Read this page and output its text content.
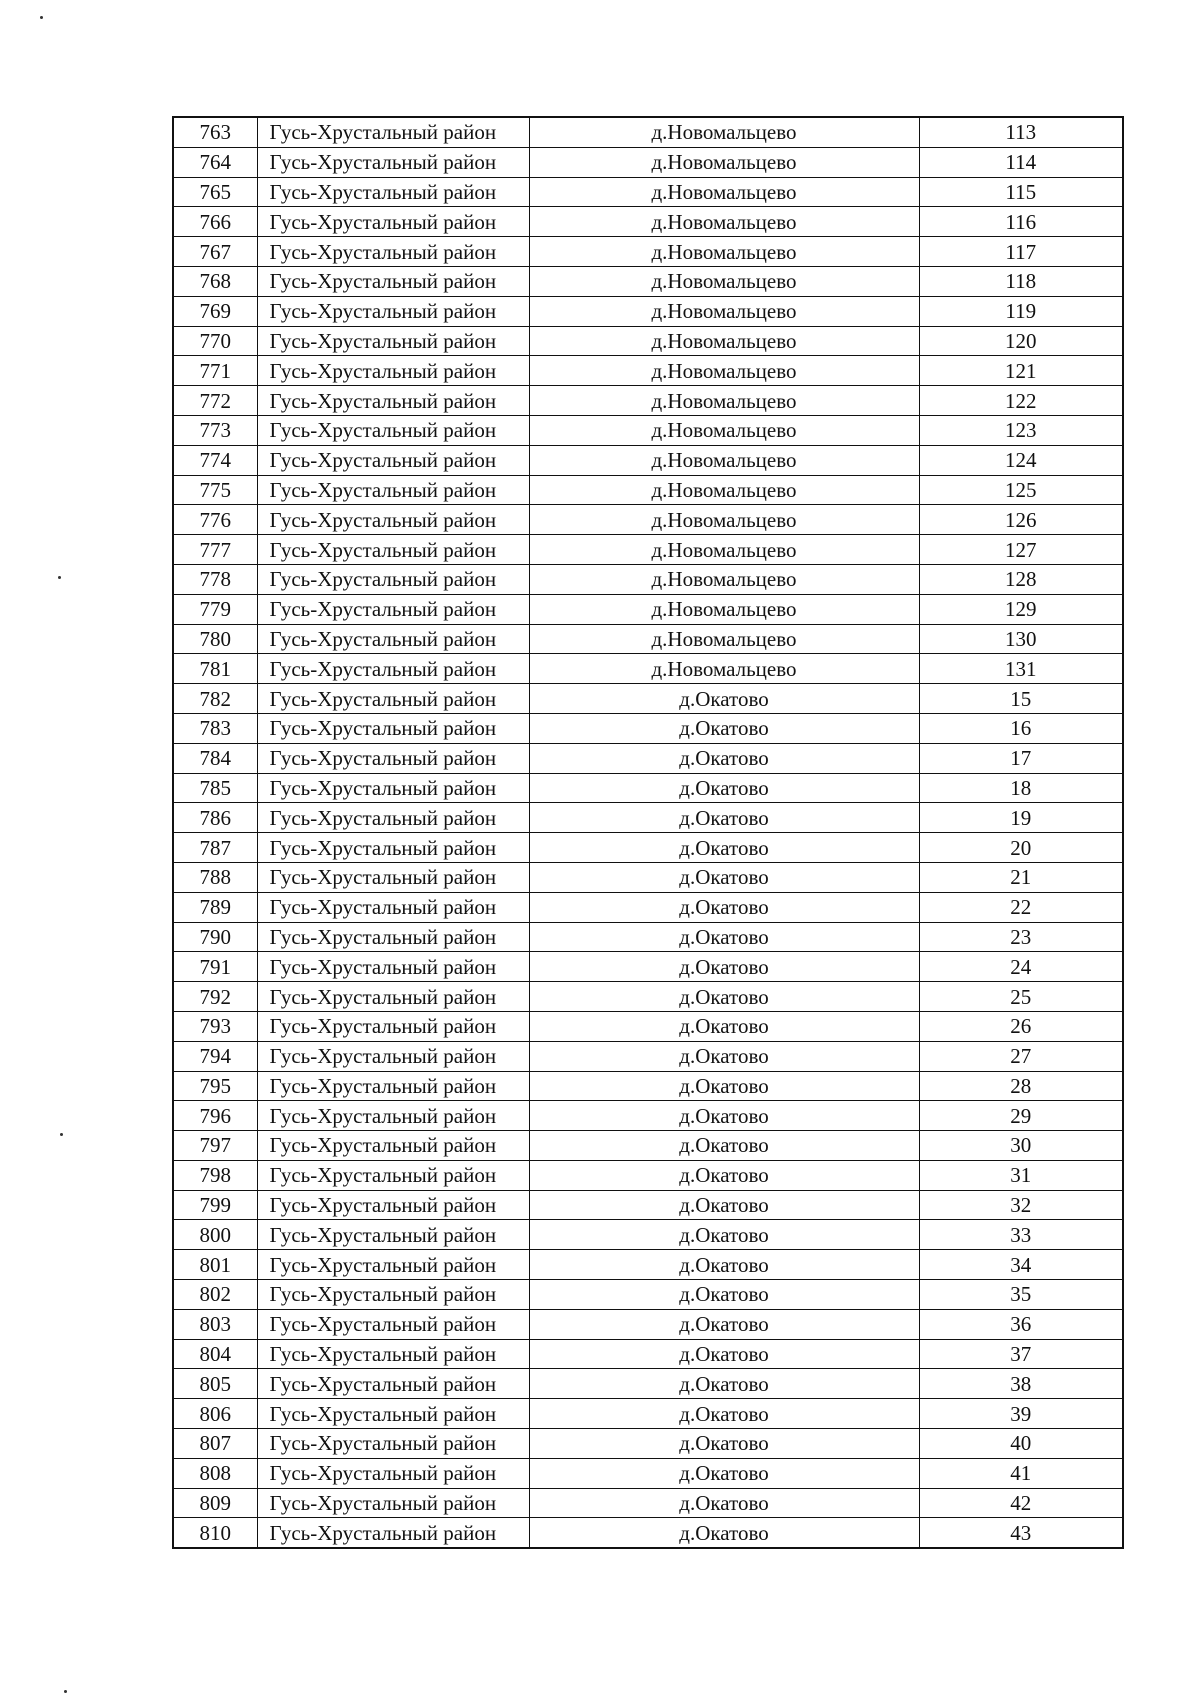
763	Гусь-Хрустальный район	д.Новомальцево	113
764	Гусь-Хрустальный район	д.Новомальцево	114
765	Гусь-Хрустальный район	д.Новомальцево	115
766	Гусь-Хрустальный район	д.Новомальцево	116
767	Гусь-Хрустальный район	д.Новомальцево	117
768	Гусь-Хрустальный район	д.Новомальцево	118
769	Гусь-Хрустальный район	д.Новомальцево	119
770	Гусь-Хрустальный район	д.Новомальцево	120
771	Гусь-Хрустальный район	д.Новомальцево	121
772	Гусь-Хрустальный район	д.Новомальцево	122
773	Гусь-Хрустальный район	д.Новомальцево	123
774	Гусь-Хрустальный район	д.Новомальцево	124
775	Гусь-Хрустальный район	д.Новомальцево	125
776	Гусь-Хрустальный район	д.Новомальцево	126
777	Гусь-Хрустальный район	д.Новомальцево	127
778	Гусь-Хрустальный район	д.Новомальцево	128
779	Гусь-Хрустальный район	д.Новомальцево	129
780	Гусь-Хрустальный район	д.Новомальцево	130
781	Гусь-Хрустальный район	д.Новомальцево	131
782	Гусь-Хрустальный район	д.Окатово	15
783	Гусь-Хрустальный район	д.Окатово	16
784	Гусь-Хрустальный район	д.Окатово	17
785	Гусь-Хрустальный район	д.Окатово	18
786	Гусь-Хрустальный район	д.Окатово	19
787	Гусь-Хрустальный район	д.Окатово	20
788	Гусь-Хрустальный район	д.Окатово	21
789	Гусь-Хрустальный район	д.Окатово	22
790	Гусь-Хрустальный район	д.Окатово	23
791	Гусь-Хрустальный район	д.Окатово	24
792	Гусь-Хрустальный район	д.Окатово	25
793	Гусь-Хрустальный район	д.Окатово	26
794	Гусь-Хрустальный район	д.Окатово	27
795	Гусь-Хрустальный район	д.Окатово	28
796	Гусь-Хрустальный район	д.Окатово	29
797	Гусь-Хрустальный район	д.Окатово	30
798	Гусь-Хрустальный район	д.Окатово	31
799	Гусь-Хрустальный район	д.Окатово	32
800	Гусь-Хрустальный район	д.Окатово	33
801	Гусь-Хрустальный район	д.Окатово	34
802	Гусь-Хрустальный район	д.Окатово	35
803	Гусь-Хрустальный район	д.Окатово	36
804	Гусь-Хрустальный район	д.Окатово	37
805	Гусь-Хрустальный район	д.Окатово	38
806	Гусь-Хрустальный район	д.Окатово	39
807	Гусь-Хрустальный район	д.Окатово	40
808	Гусь-Хрустальный район	д.Окатово	41
809	Гусь-Хрустальный район	д.Окатово	42
810	Гусь-Хрустальный район	д.Окатово	43
